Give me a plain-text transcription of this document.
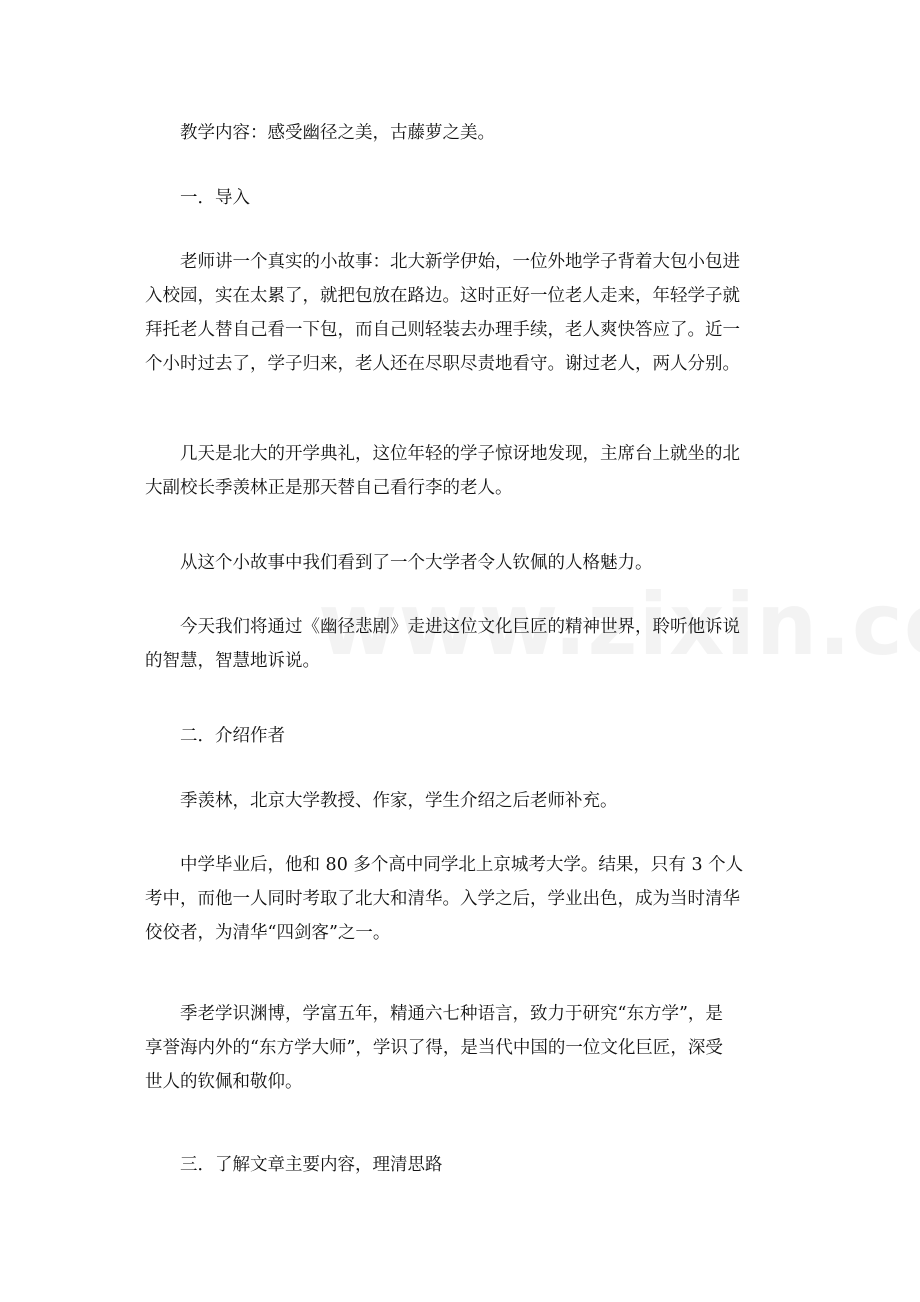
教学内容：感受幽径之美，古藤萝之美。
一．导入
老师讲一个真实的小故事：北大新学伊始，一位外地学子背着大包小包进
入校园，实在太累了，就把包放在路边。这时正好一位老人走来，年轻学子就
拜托老人替自己看一下包，而自己则轻装去办理手续，老人爽快答应了。近一
个小时过去了，学子归来，老人还在尽职尽责地看守。谢过老人，两人分别。
几天是北大的开学典礼，这位年轻的学子惊讶地发现，主席台上就坐的北
大副校长季羡林正是那天替自己看行李的老人。
从这个小故事中我们看到了一个大学者令人钦佩的人格魅力。
今天我们将通过《幽径悲剧》走进这位文化巨匠的精神世界，聆听他诉说
的智慧，智慧地诉说。
二．介绍作者
季羡林，北京大学教授、作家，学生介绍之后老师补充。
中学毕业后，他和 80 多个高中同学北上京城考大学。结果，只有 3 个人
考中，而他一人同时考取了北大和清华。入学之后，学业出色，成为当时清华
佼佼者，为清华“四剑客”之一。
季老学识渊博，学富五年，精通六七种语言，致力于研究“东方学”，是
享誉海内外的“东方学大师”，学识了得，是当代中国的一位文化巨匠，深受
世人的钦佩和敬仰。
三．了解文章主要内容，理清思路
